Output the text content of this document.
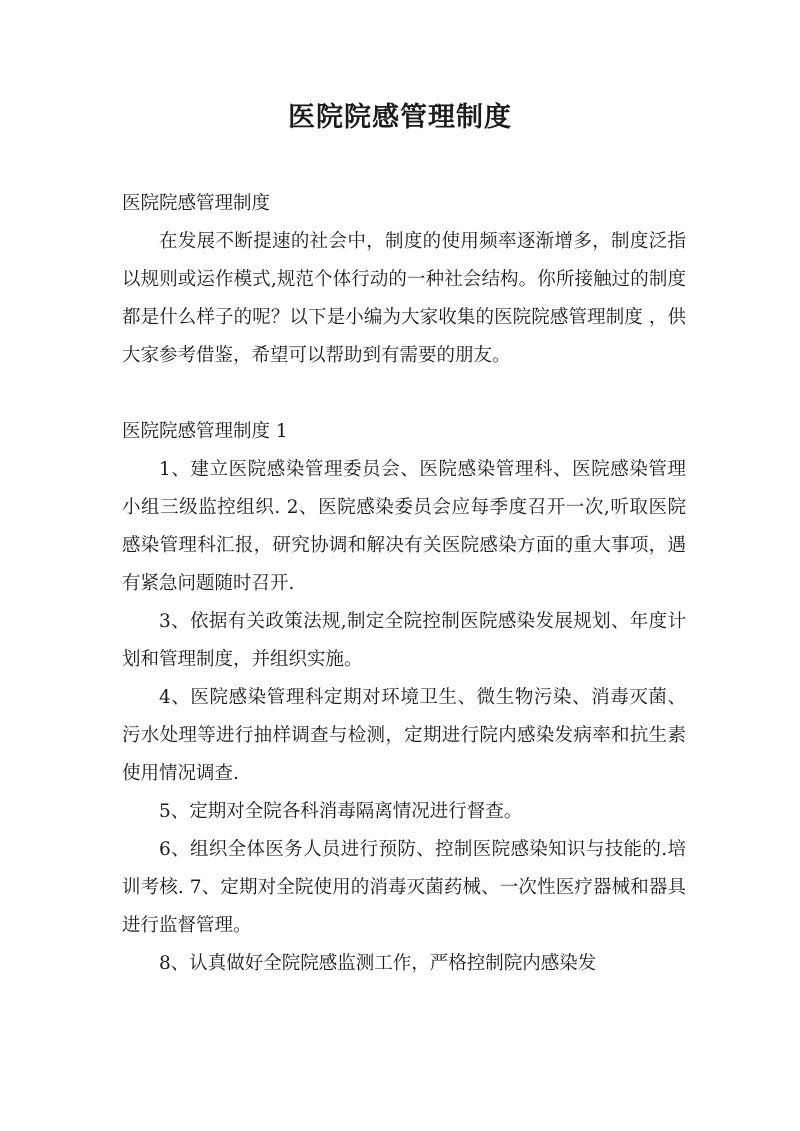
医院院感管理制度

医院院感管理制度

在发展不断提速的社会中，制度的使用频率逐渐增多，制度泛指以规则或运作模式,规范个体行动的一种社会结构。你所接触过的制度都是什么样子的呢？以下是小编为大家收集的医院院感管理制度 ，供大家参考借鉴，希望可以帮助到有需要的朋友。

医院院感管理制度 1

1、建立医院感染管理委员会、医院感染管理科、医院感染管理小组三级监控组织. 2、医院感染委员会应每季度召开一次,听取医院感染管理科汇报，研究协调和解决有关医院感染方面的重大事项，遇有紧急问题随时召开.

3、依据有关政策法规,制定全院控制医院感染发展规划、年度计划和管理制度，并组织实施。

4、医院感染管理科定期对环境卫生、微生物污染、消毒灭菌、污水处理等进行抽样调查与检测，定期进行院内感染发病率和抗生素使用情况调查.

5、定期对全院各科消毒隔离情况进行督查。

6、组织全体医务人员进行预防、控制医院感染知识与技能的.培训考核. 7、定期对全院使用的消毒灭菌药械、一次性医疗器械和器具进行监督管理。

8、认真做好全院院感监测工作，严格控制院内感染发
